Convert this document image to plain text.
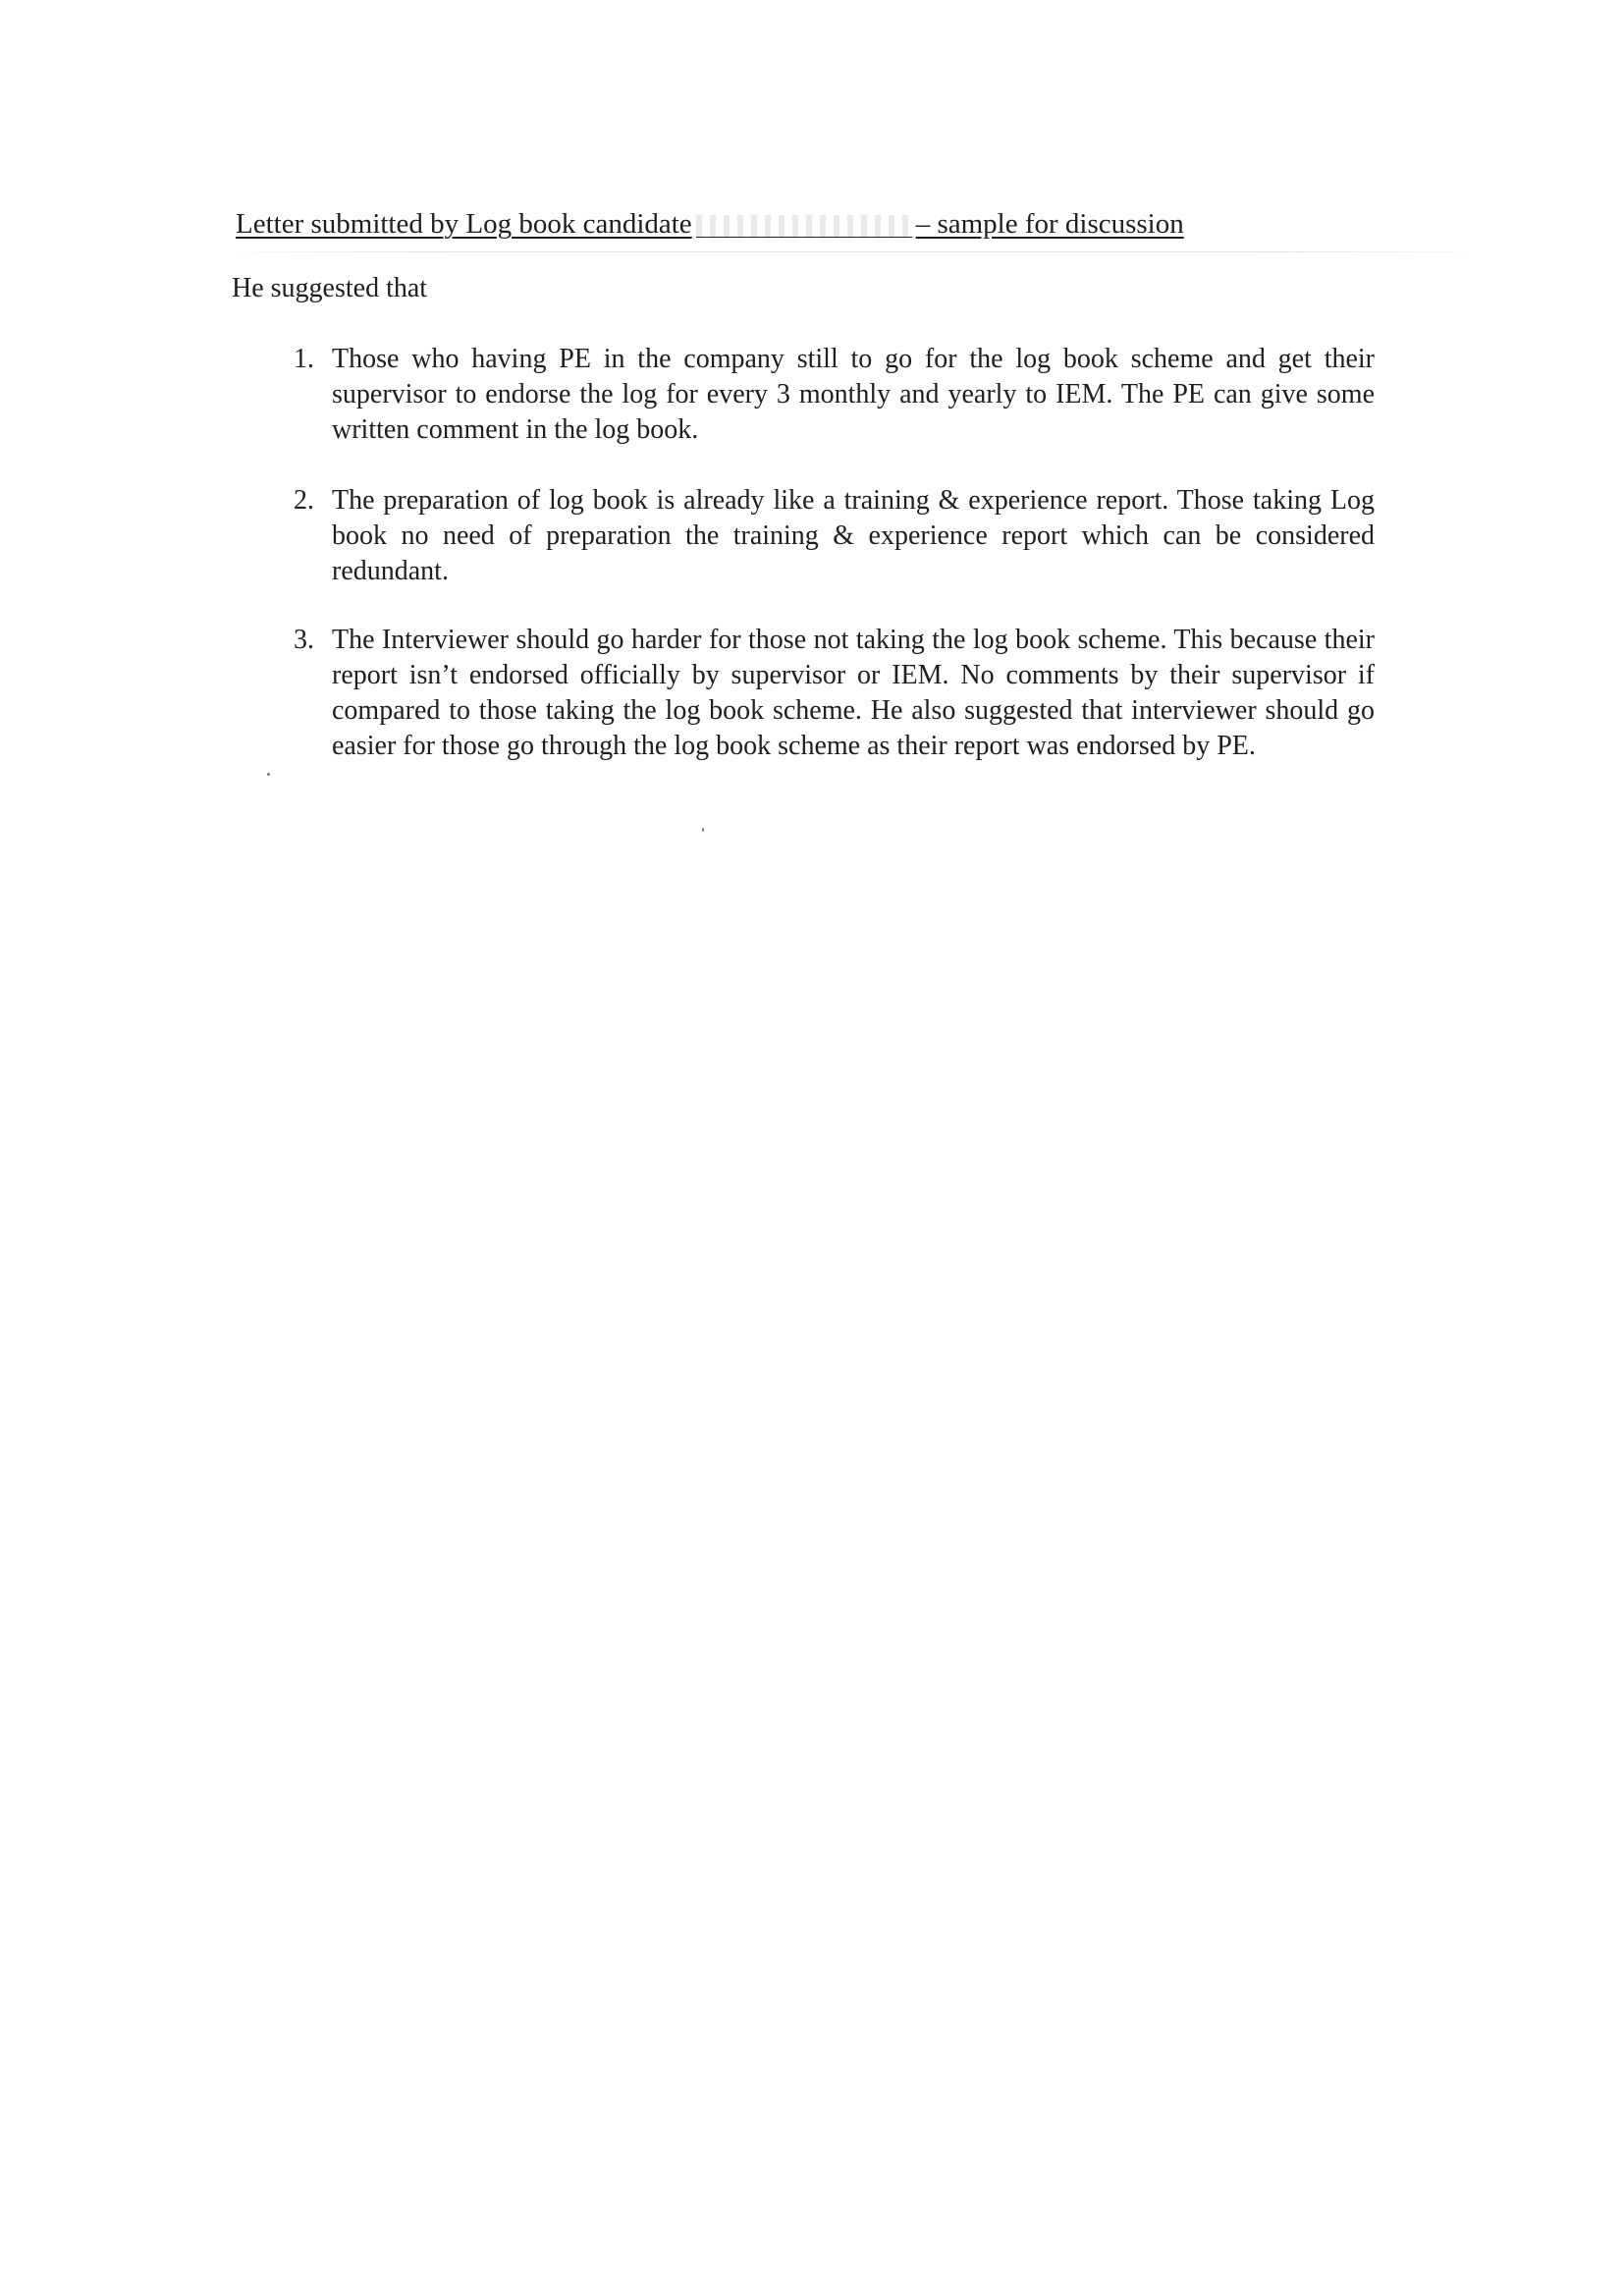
Letter submitted by Log book candidate	– sample for discussion
He suggested that
1. Those who having PE in the company still to go for the log book scheme and get their supervisor to endorse the log for every 3 monthly and yearly to IEM. The PE can give some written comment in the log book.
2. The preparation of log book is already like a training & experience report. Those taking Log book no need of preparation the training & experience report which can be considered redundant.
3. The Interviewer should go harder for those not taking the log book scheme. This because their report isn’t endorsed officially by supervisor or IEM. No comments by their supervisor if compared to those taking the log book scheme. He also suggested that interviewer should go easier for those go through the log book scheme as their report was endorsed by PE.
